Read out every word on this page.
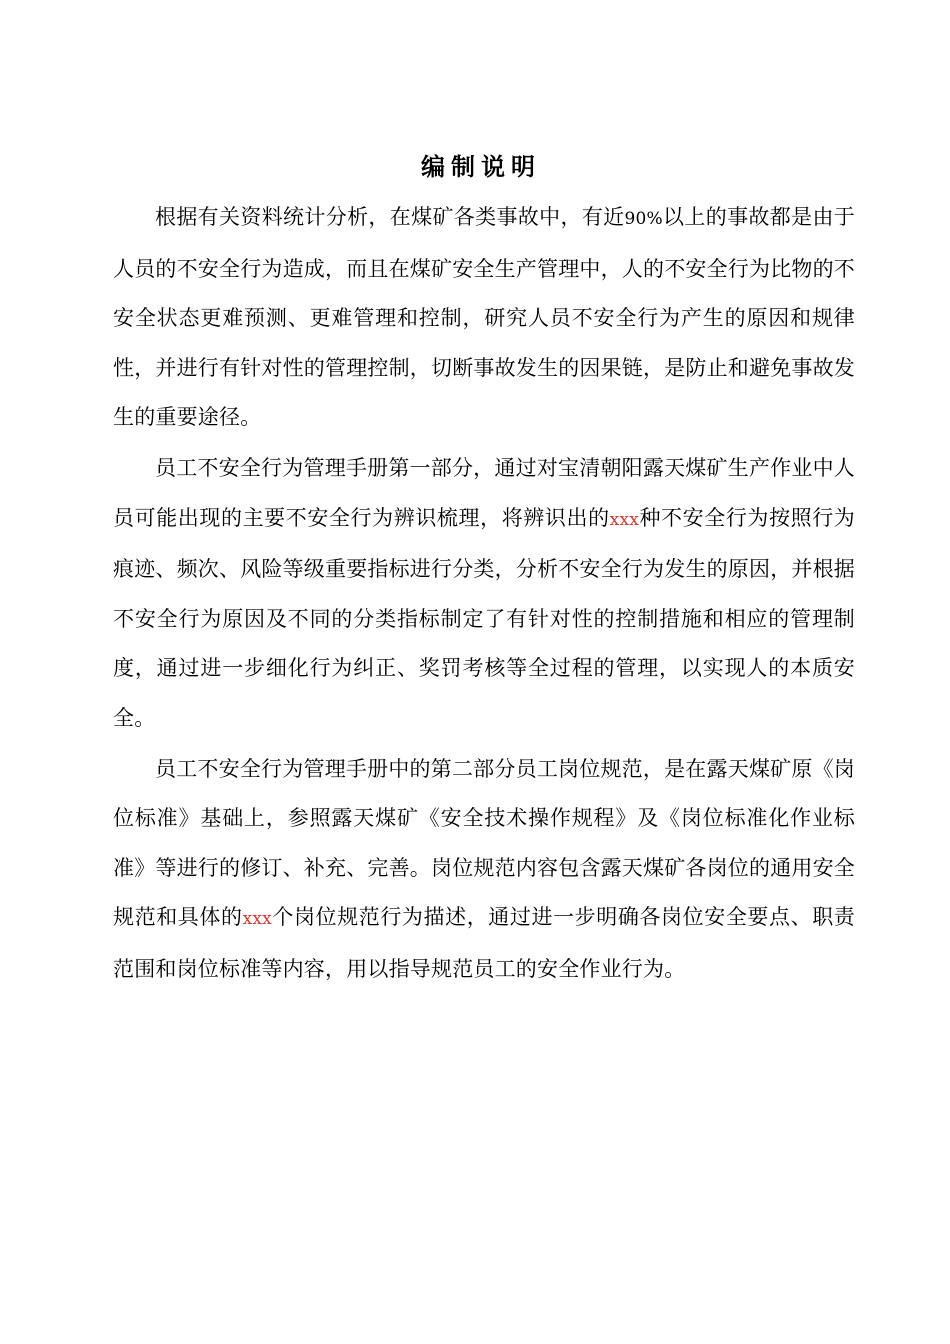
编制说明

根据有关资料统计分析，在煤矿各类事故中，有近90%以上的事故都是由于人员的不安全行为造成，而且在煤矿安全生产管理中，人的不安全行为比物的不安全状态更难预测、更难管理和控制，研究人员不安全行为产生的原因和规律性，并进行有针对性的管理控制，切断事故发生的因果链，是防止和避免事故发生的重要途径。

员工不安全行为管理手册第一部分，通过对宝清朝阳露天煤矿生产作业中人员可能出现的主要不安全行为辨识梳理，将辨识出的xxx种不安全行为按照行为痕迹、频次、风险等级重要指标进行分类，分析不安全行为发生的原因，并根据不安全行为原因及不同的分类指标制定了有针对性的控制措施和相应的管理制度，通过进一步细化行为纠正、奖罚考核等全过程的管理，以实现人的本质安全。

员工不安全行为管理手册中的第二部分员工岗位规范，是在露天煤矿原《岗位标准》基础上，参照露天煤矿《安全技术操作规程》及《岗位标准化作业标准》等进行的修订、补充、完善。岗位规范内容包含露天煤矿各岗位的通用安全规范和具体的xxx个岗位规范行为描述，通过进一步明确各岗位安全要点、职责范围和岗位标准等内容，用以指导规范员工的安全作业行为。
